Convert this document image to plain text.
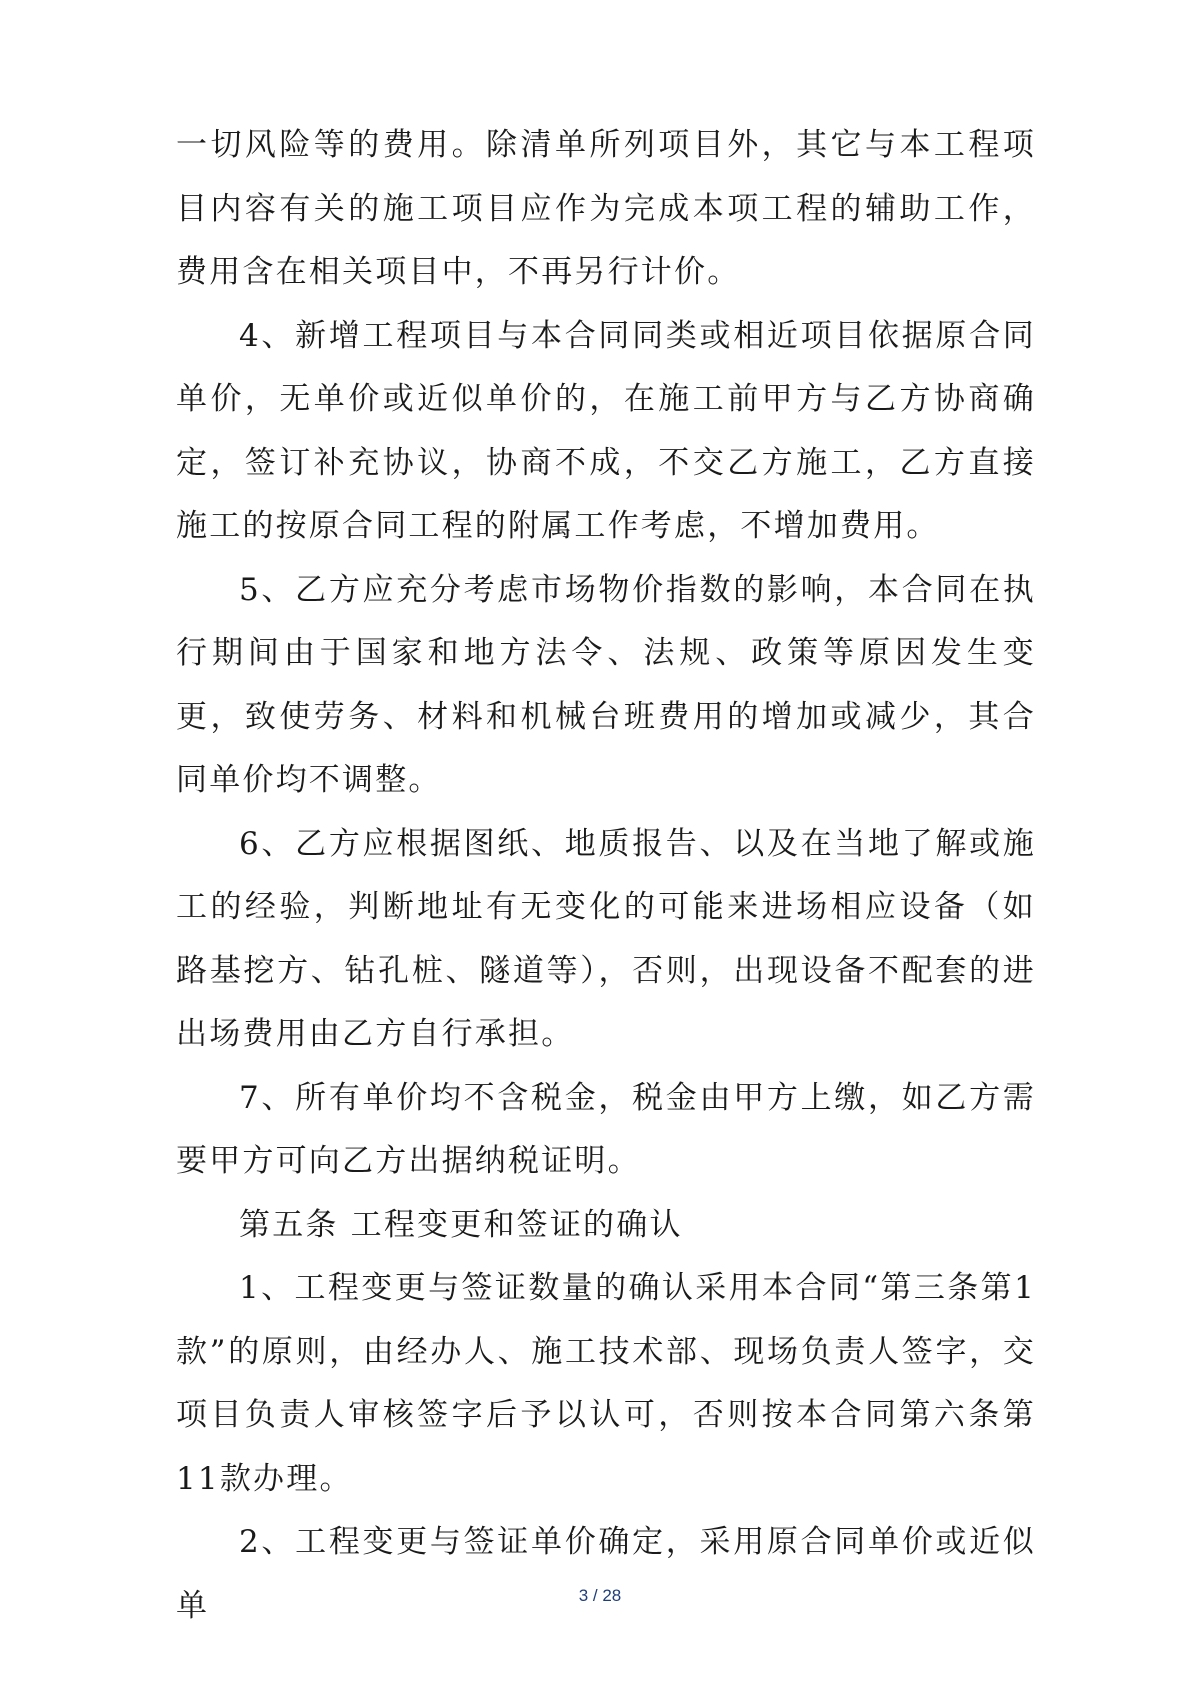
一切风险等的费用。除清单所列项目外，其它与本工程项目内容有关的施工项目应作为完成本项工程的辅助工作，费用含在相关项目中，不再另行计价。

4、新增工程项目与本合同同类或相近项目依据原合同单价，无单价或近似单价的，在施工前甲方与乙方协商确定，签订补充协议，协商不成，不交乙方施工，乙方直接施工的按原合同工程的附属工作考虑，不增加费用。

5、乙方应充分考虑市场物价指数的影响，本合同在执行期间由于国家和地方法令、法规、政策等原因发生变更，致使劳务、材料和机械台班费用的增加或减少，其合同单价均不调整。

6、乙方应根据图纸、地质报告、以及在当地了解或施工的经验，判断地址有无变化的可能来进场相应设备（如路基挖方、钻孔桩、隧道等），否则，出现设备不配套的进出场费用由乙方自行承担。

7、所有单价均不含税金，税金由甲方上缴，如乙方需要甲方可向乙方出据纳税证明。

第五条 工程变更和签证的确认

1、工程变更与签证数量的确认采用本合同“第三条第1款”的原则，由经办人、施工技术部、现场负责人签字，交项目负责人审核签字后予以认可，否则按本合同第六条第11款办理。

2、工程变更与签证单价确定，采用原合同单价或近似单	3 / 28
